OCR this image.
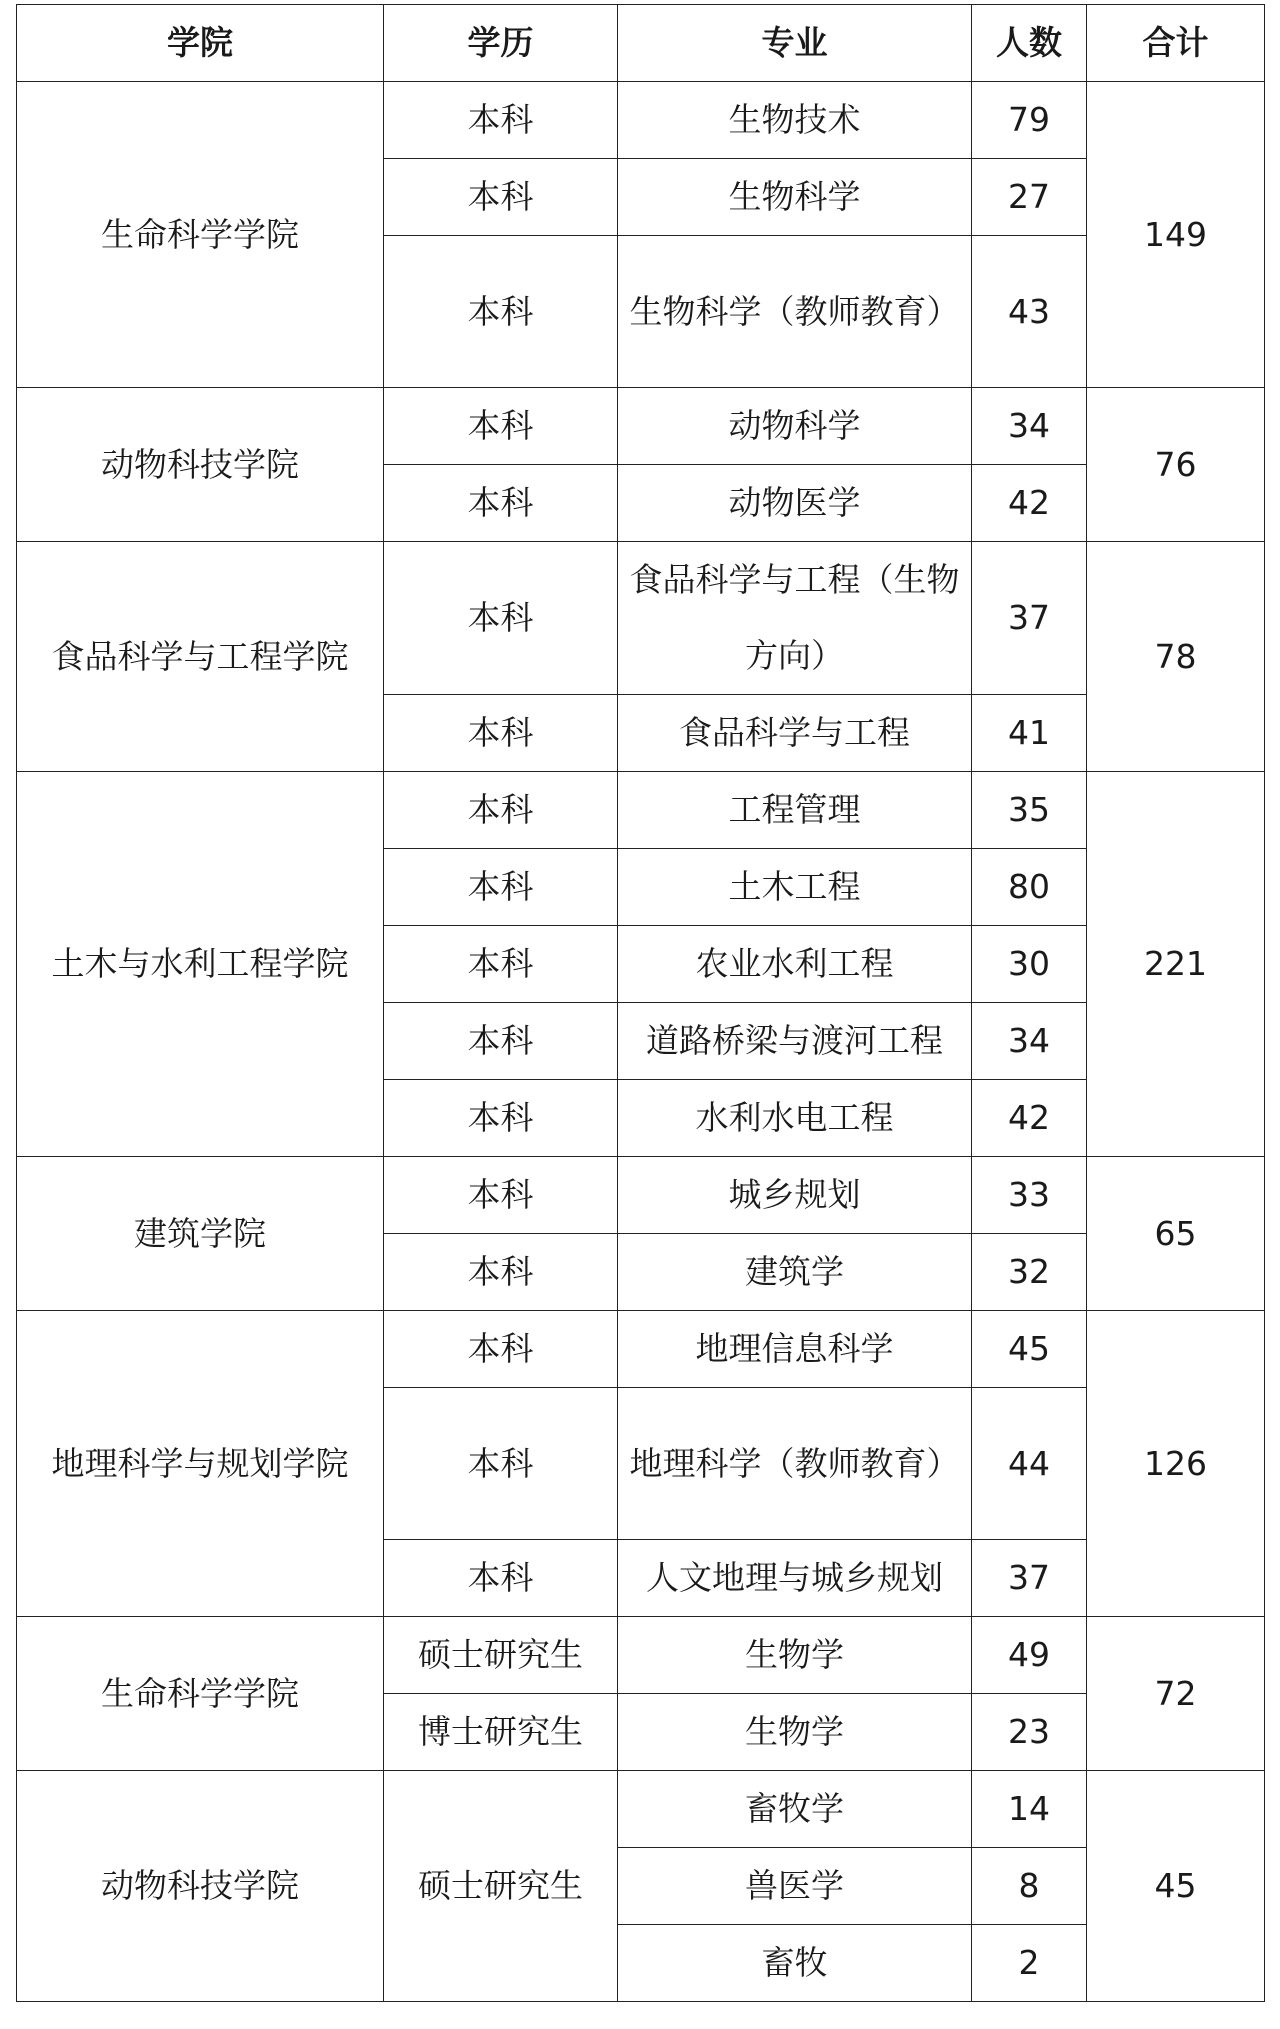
学院	学历	专业	人数	合计
生命科学学院	本科	生物技术	79	149
	本科	生物科学	27	
	本科	生物科学（教师教育）	43	
动物科技学院	本科	动物科学	34	76
	本科	动物医学	42	
食品科学与工程学院	本科	食品科学与工程（生物方向）	37	78
	本科	食品科学与工程	41	
土木与水利工程学院	本科	工程管理	35	221
	本科	土木工程	80	
	本科	农业水利工程	30	
	本科	道路桥梁与渡河工程	34	
	本科	水利水电工程	42	
建筑学院	本科	城乡规划	33	65
	本科	建筑学	32	
地理科学与规划学院	本科	地理信息科学	45	126
	本科	地理科学（教师教育）	44	
	本科	人文地理与城乡规划	37	
生命科学学院	硕士研究生	生物学	49	72
	博士研究生	生物学	23	
动物科技学院	硕士研究生	畜牧学	14	45
		兽医学	8	
		畜牧	2	
